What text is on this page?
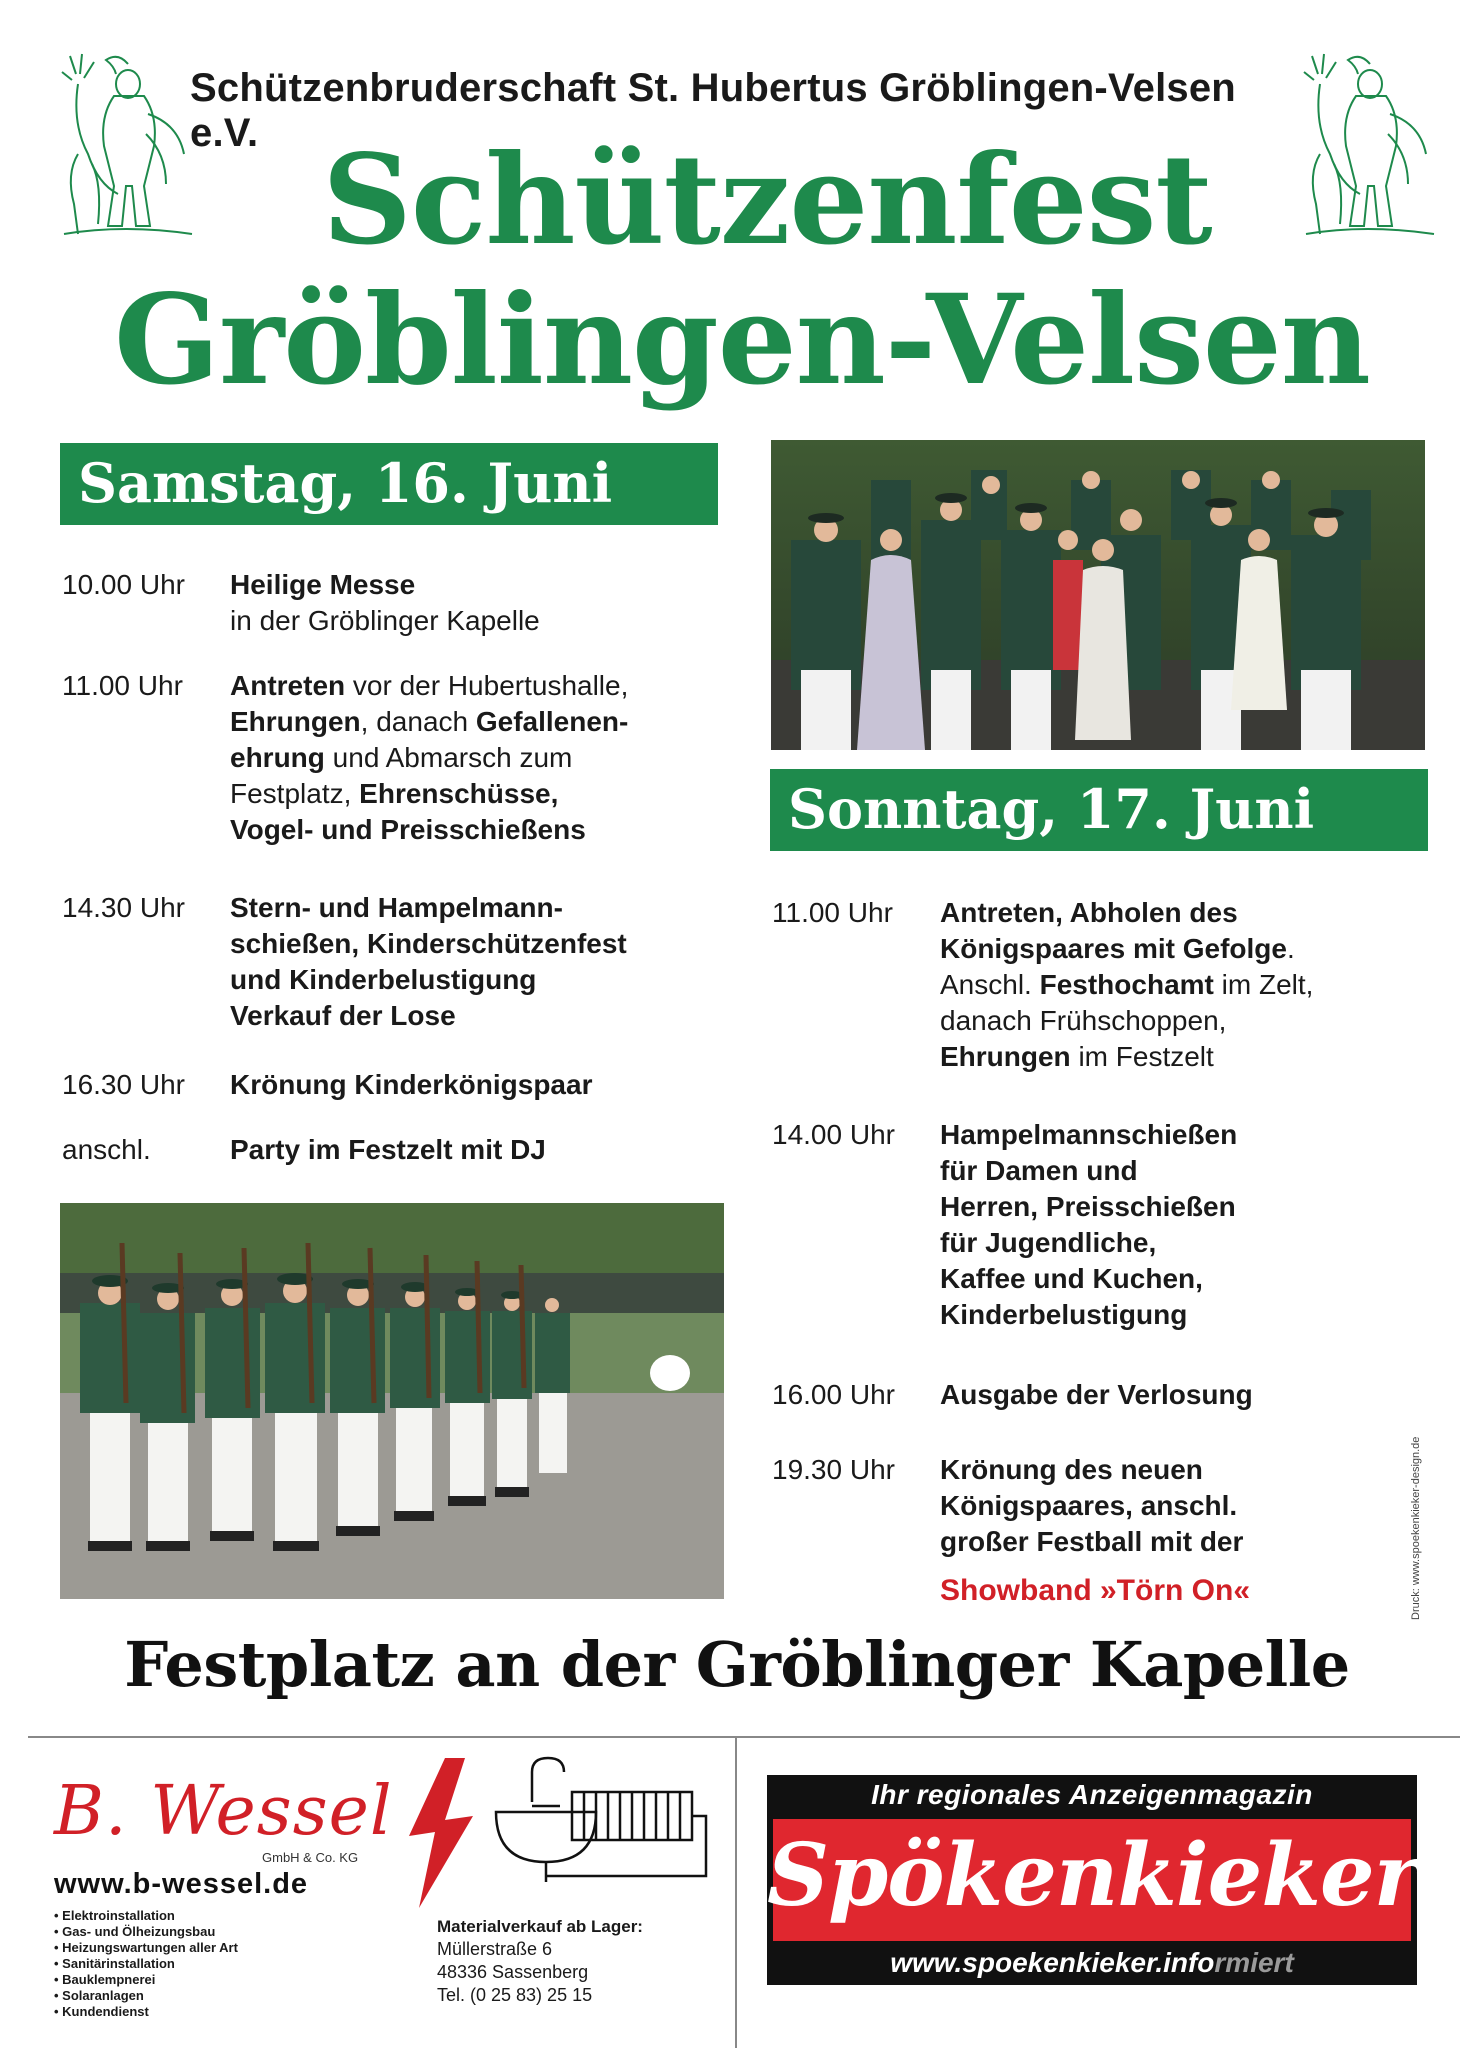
Schützenbruderschaft St. Hubertus Gröblingen-Velsen e.V. Schützenfest
Gröblingen-Velsen
Samstag, 16. Juni
10.00 Uhr	Heilige Messe
in der Gröblinger Kapelle
11.00 Uhr	Antreten vor der Hubertushalle, Ehrungen, danach Gefallenen-
ehrung und Abmarsch zum
Festplatz, Ehrenschüsse,
Vogel- und Preisschießens
14.30 Uhr	Stern- und Hampelmann-
schießen, Kinderschützenfest
und Kinderbelustigung
Verkauf der Lose
16.30 Uhr	Krönung Kinderkönigspaar
anschl.	Party im Festzelt mit DJ
Sonntag, 17. Juni
11.00 Uhr	Antreten, Abholen des
Königspaares mit Gefolge.
Anschl. Festhochamt im Zelt,
danach Frühschoppen,
Ehrungen im Festzelt
14.00 Uhr	Hampelmannschießen
für Damen und
Herren, Preisschießen
für Jugendliche,
Kaffee und Kuchen,
Kinderbelustigung
16.00 Uhr	Ausgabe der Verlosung
19.30 Uhr	Krönung des neuen
Königspaares, anschl.
großer Festball mit der
Showband »Törn On«
Festplatz an der Gröblinger Kapelle
Druck: www.spoekenkieker-design.de
B. Wessel
GmbH & Co. KG
www.b-wessel.de
• Elektroinstallation
• Gas- und Ölheizungsbau
• Heizungswartungen aller Art
• Sanitärinstallation
• Bauklempnerei
• Solaranlagen
• Kundendienst
Materialverkauf ab Lager:
Müllerstraße 6
48336 Sassenberg
Tel. (0 25 83) 25 15
Ihr regionales Anzeigenmagazin
Spökenkieker
www.spoekenkieker.informiert
